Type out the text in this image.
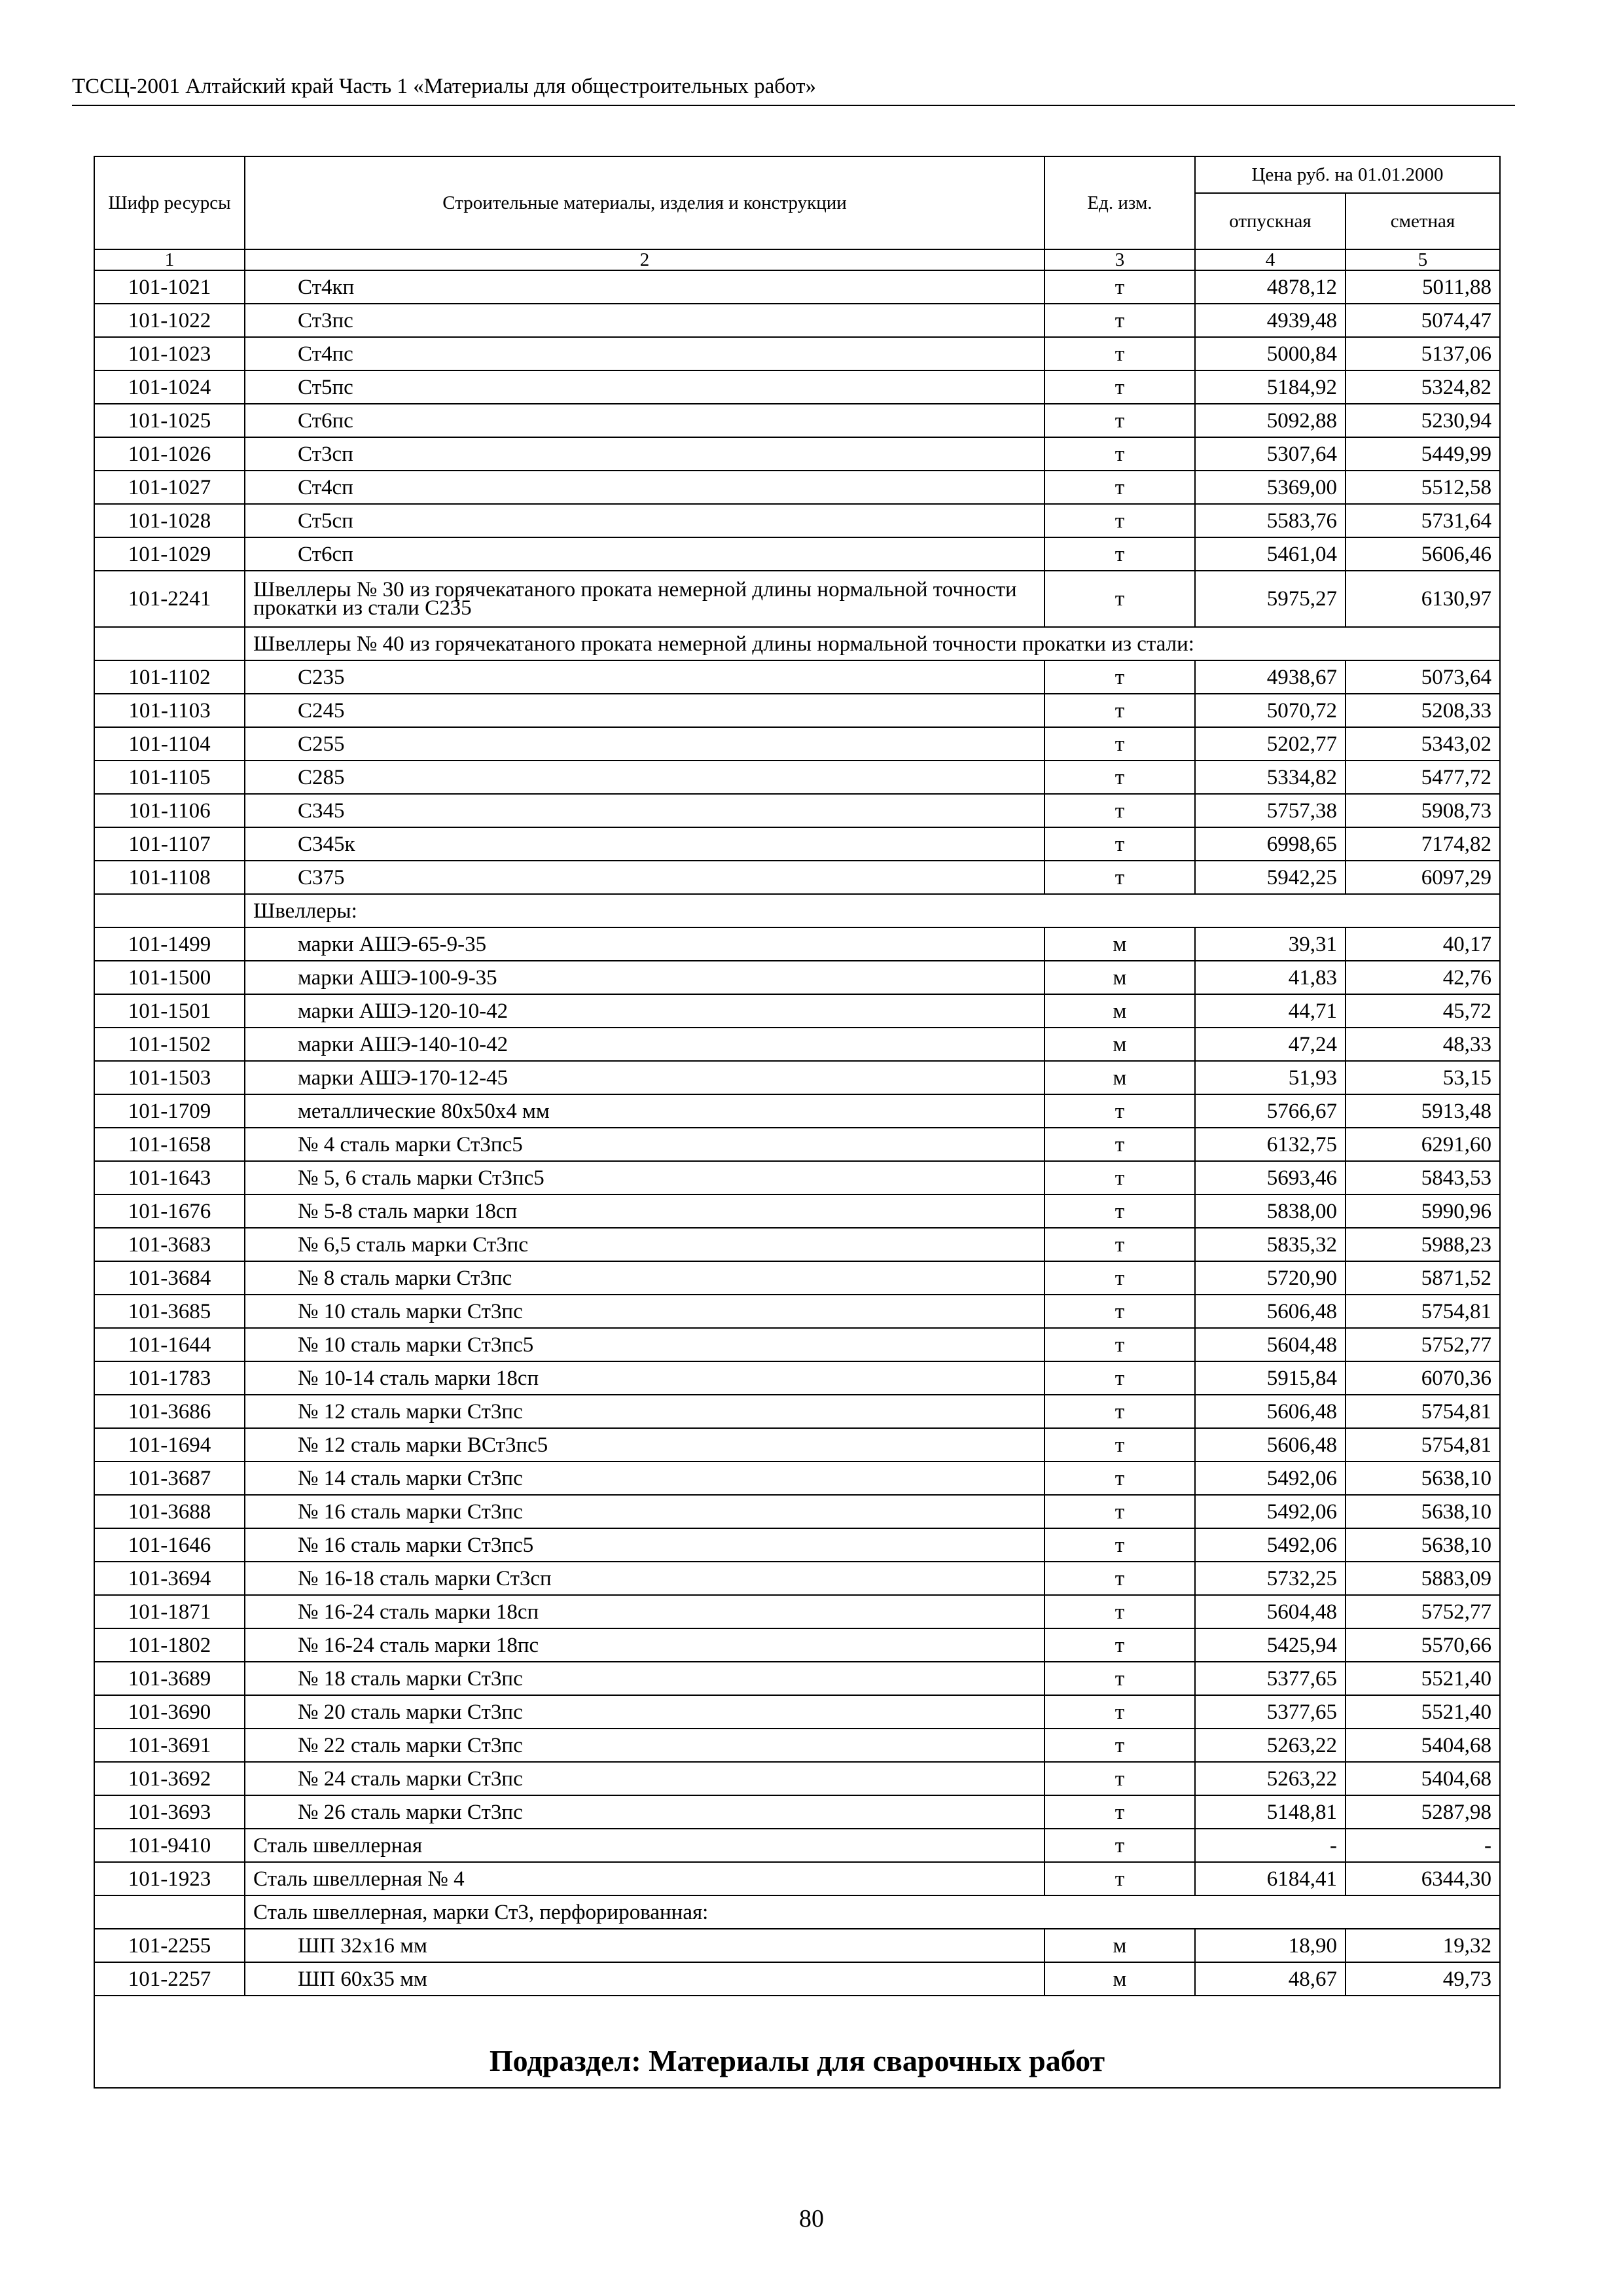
ТССЦ-2001 Алтайский край Часть 1 «Материалы для общестроительных работ»
Шифр ресурсы	Строительные материалы, изделия и конструкции	Ед. изм.	Цена руб. на 01.01.2000	
			отпускная	сметная
1	2	3	4	5
101-1021	Ст4кп	т	4878,12	5011,88
101-1022	Ст3пс	т	4939,48	5074,47
101-1023	Ст4пс	т	5000,84	5137,06
101-1024	Ст5пс	т	5184,92	5324,82
101-1025	Ст6пс	т	5092,88	5230,94
101-1026	Ст3сп	т	5307,64	5449,99
101-1027	Ст4сп	т	5369,00	5512,58
101-1028	Ст5сп	т	5583,76	5731,64
101-1029	Ст6сп	т	5461,04	5606,46
101-2241	Швеллеры № 30 из горячекатаного проката немерной длины нормальной точности прокатки из стали С235	т	5975,27	6130,97
	Швеллеры № 40 из горячекатаного проката немерной длины нормальной точности прокатки из стали:			
101-1102	С235	т	4938,67	5073,64
101-1103	С245	т	5070,72	5208,33
101-1104	С255	т	5202,77	5343,02
101-1105	С285	т	5334,82	5477,72
101-1106	С345	т	5757,38	5908,73
101-1107	С345к	т	6998,65	7174,82
101-1108	С375	т	5942,25	6097,29
	Швеллеры:			
101-1499	марки АШЭ-65-9-35	м	39,31	40,17
101-1500	марки АШЭ-100-9-35	м	41,83	42,76
101-1501	марки АШЭ-120-10-42	м	44,71	45,72
101-1502	марки АШЭ-140-10-42	м	47,24	48,33
101-1503	марки АШЭ-170-12-45	м	51,93	53,15
101-1709	металлические 80х50х4 мм	т	5766,67	5913,48
101-1658	№ 4 сталь марки Ст3пс5	т	6132,75	6291,60
101-1643	№ 5, 6 сталь марки Ст3пс5	т	5693,46	5843,53
101-1676	№ 5-8 сталь марки 18сп	т	5838,00	5990,96
101-3683	№ 6,5 сталь марки Ст3пс	т	5835,32	5988,23
101-3684	№ 8 сталь марки Ст3пс	т	5720,90	5871,52
101-3685	№ 10 сталь марки Ст3пс	т	5606,48	5754,81
101-1644	№ 10 сталь марки Ст3пс5	т	5604,48	5752,77
101-1783	№ 10-14 сталь марки 18сп	т	5915,84	6070,36
101-3686	№ 12 сталь марки Ст3пс	т	5606,48	5754,81
101-1694	№ 12 сталь марки ВСт3пс5	т	5606,48	5754,81
101-3687	№ 14 сталь марки Ст3пс	т	5492,06	5638,10
101-3688	№ 16 сталь марки Ст3пс	т	5492,06	5638,10
101-1646	№ 16 сталь марки Ст3пс5	т	5492,06	5638,10
101-3694	№ 16-18 сталь марки Ст3сп	т	5732,25	5883,09
101-1871	№ 16-24 сталь марки 18сп	т	5604,48	5752,77
101-1802	№ 16-24 сталь марки 18пс	т	5425,94	5570,66
101-3689	№ 18 сталь марки Ст3пс	т	5377,65	5521,40
101-3690	№ 20 сталь марки Ст3пс	т	5377,65	5521,40
101-3691	№ 22 сталь марки Ст3пс	т	5263,22	5404,68
101-3692	№ 24 сталь марки Ст3пс	т	5263,22	5404,68
101-3693	№ 26 сталь марки Ст3пс	т	5148,81	5287,98
101-9410	Сталь швеллерная	т	-	-
101-1923	Сталь швеллерная № 4	т	6184,41	6344,30
	Сталь швеллерная, марки Ст3, перфорированная:			
101-2255	ШП 32х16 мм	м	18,90	19,32
101-2257	ШП 60х35 мм	м	48,67	49,73
Подраздел: Материалы для сварочных работ				
80
